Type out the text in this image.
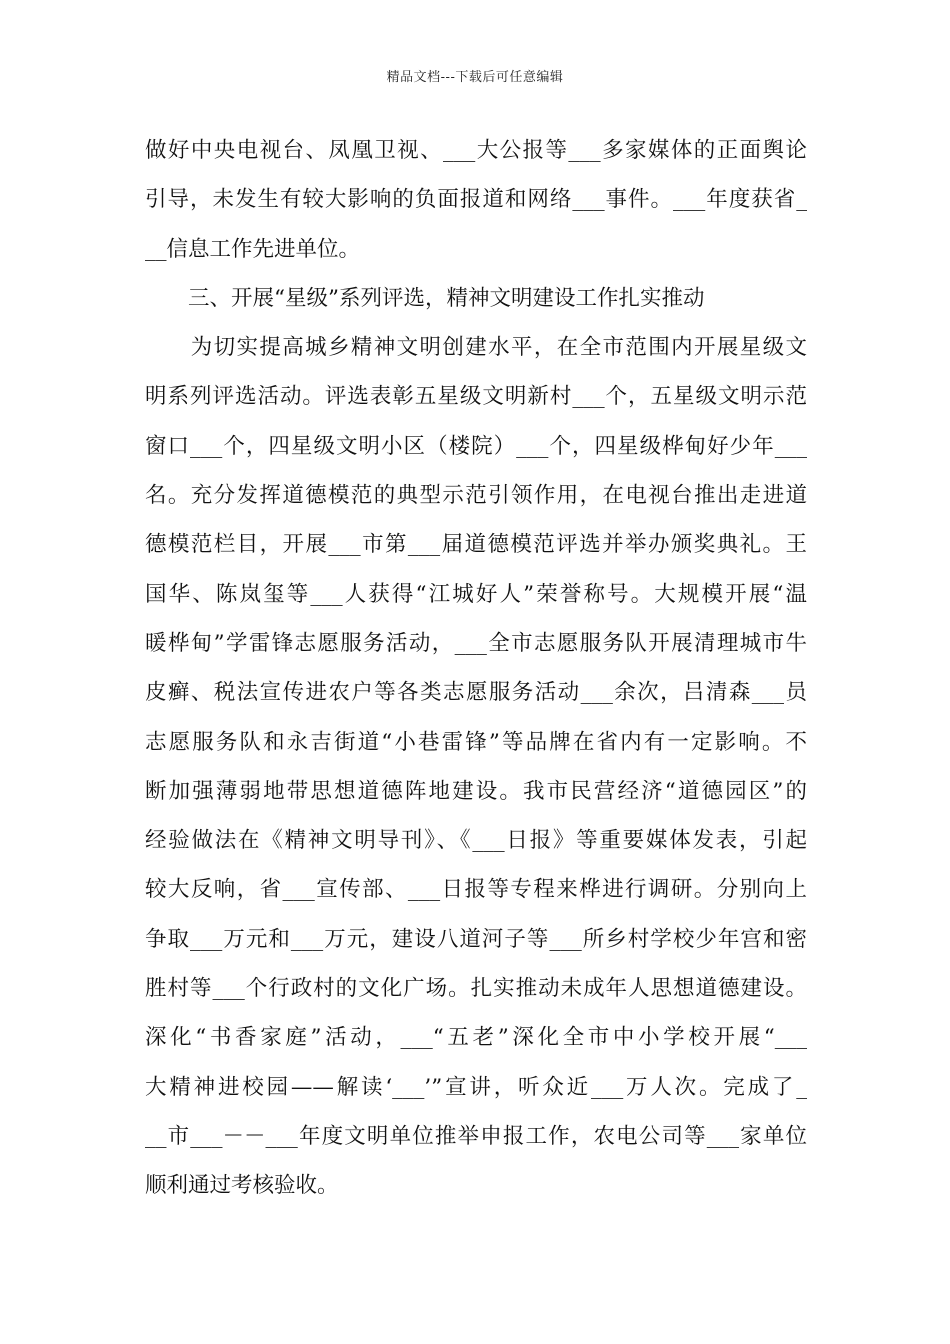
精品文档---下载后可任意编辑
做好中央电视台、凤凰卫视、___大公报等___多家媒体的正面舆论
引导，未发生有较大影响的负面报道和网络___事件。___年度获省_
__信息工作先进单位。
　　三、开展“星级”系列评选，精神文明建设工作扎实推动
　　为切实提高城乡精神文明创建水平，在全市范围内开展星级文
明系列评选活动。评选表彰五星级文明新村___个，五星级文明示范
窗口___个，四星级文明小区（楼院）___个，四星级桦甸好少年___
名。充分发挥道德模范的典型示范引领作用，在电视台推出走进道
德模范栏目，开展___市第___届道德模范评选并举办颁奖典礼。王
国华、陈岚玺等___人获得“江城好人”荣誉称号。大规模开展“温
暖桦甸”学雷锋志愿服务活动，___全市志愿服务队开展清理城市牛
皮癣、税法宣传进农户等各类志愿服务活动___余次，吕清森___员
志愿服务队和永吉街道“小巷雷锋”等品牌在省内有一定影响。不
断加强薄弱地带思想道德阵地建设。我市民营经济“道德园区”的
经验做法在《精神文明导刊》、《___日报》等重要媒体发表，引起
较大反响，省___宣传部、___日报等专程来桦进行调研。分别向上
争取___万元和___万元，建设八道河子等___所乡村学校少年宫和密
胜村等___个行政村的文化广场。扎实推动未成年人思想道德建设。
深化“书香家庭”活动，___“五老”深化全市中小学校开展“___
大精神进校园——解读‘___’”宣讲，听众近___万人次。完成了_
__市___－－___年度文明单位推举申报工作，农电公司等___家单位
顺利通过考核验收。
